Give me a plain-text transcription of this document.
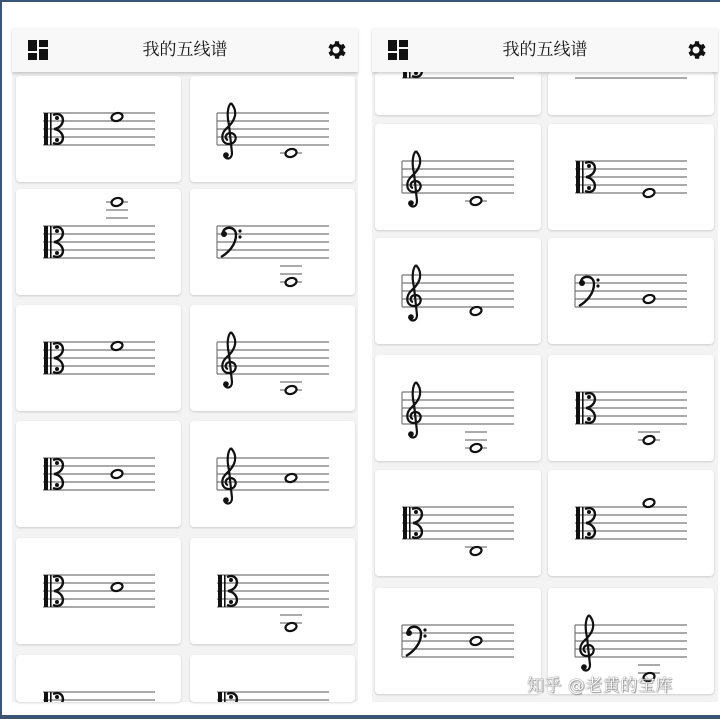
我的五线谱	我的五线谱
知乎 @老黄的宝库
